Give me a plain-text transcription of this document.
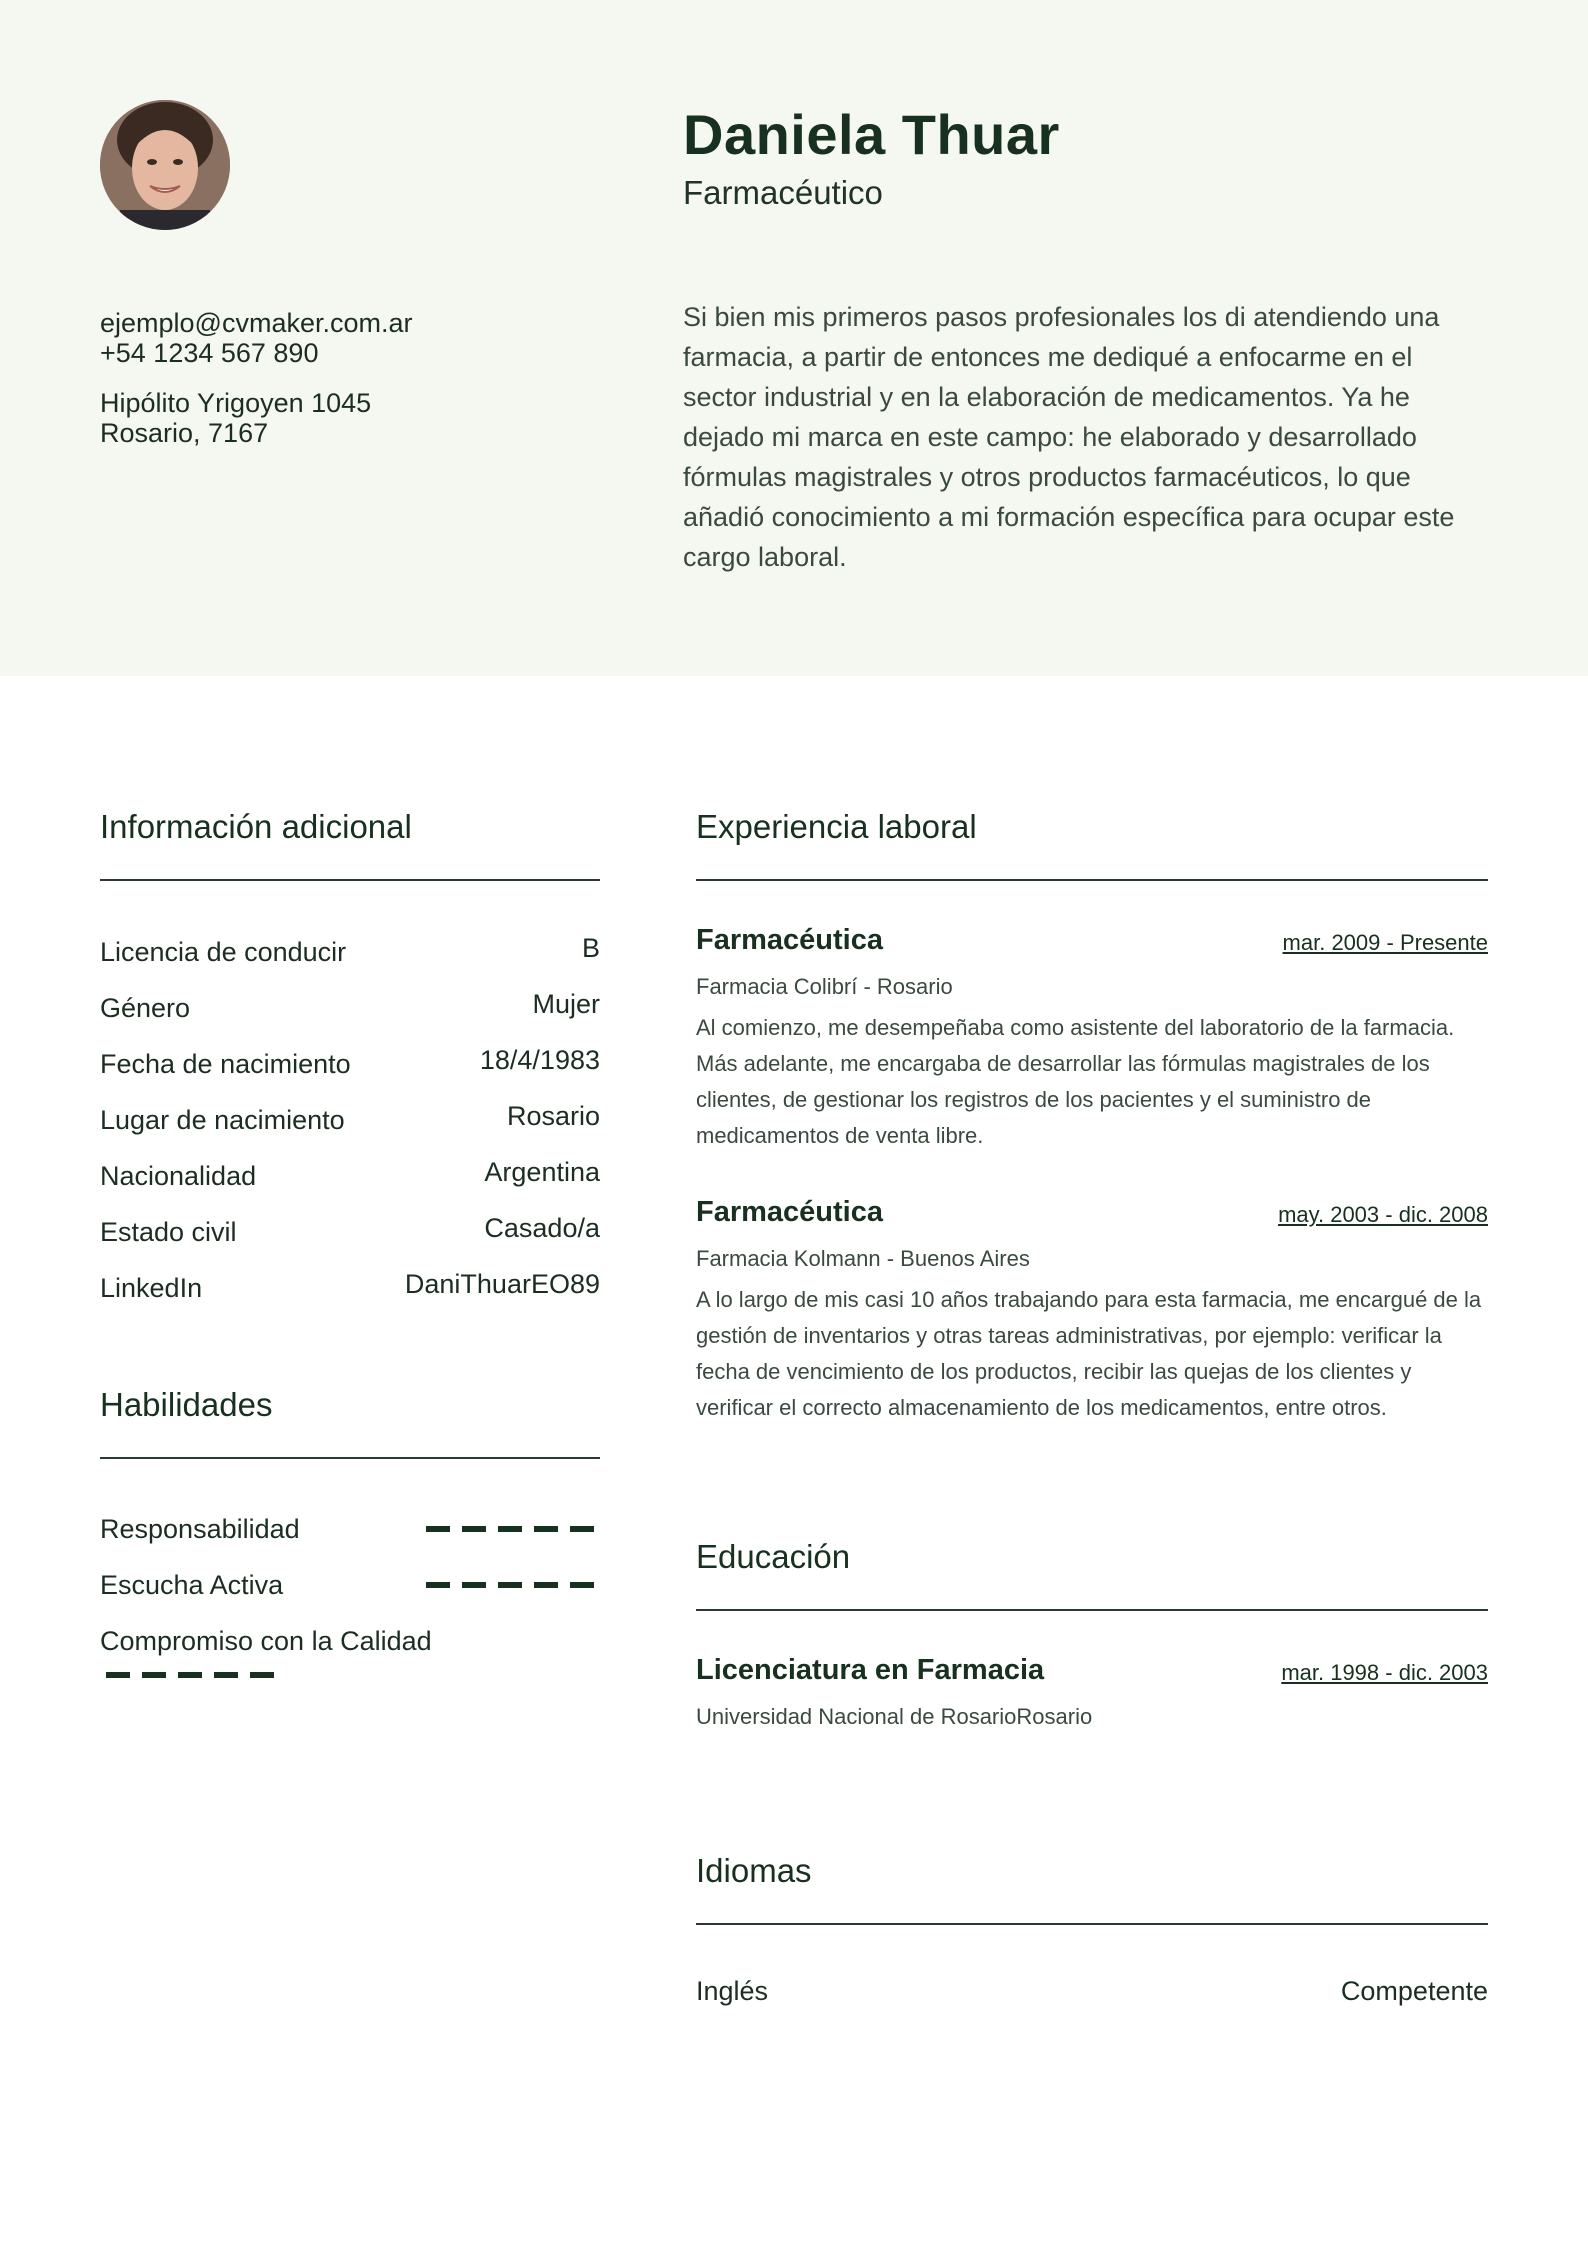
Daniela Thuar
Farmacéutico
ejemplo@cvmaker.com.ar
+54 1234 567 890
Hipólito Yrigoyen 1045
Rosario, 7167
Si bien mis primeros pasos profesionales los di atendiendo una farmacia, a partir de entonces me dediqué a enfocarme en el sector industrial y en la elaboración de medicamentos. Ya he dejado mi marca en este campo: he elaborado y desarrollado fórmulas magistrales y otros productos farmacéuticos, lo que añadió conocimiento a mi formación específica para ocupar este cargo laboral.
Información adicional
Licencia de conducir	B
Género	Mujer
Fecha de nacimiento	18/4/1983
Lugar de nacimiento	Rosario
Nacionalidad	Argentina
Estado civil	Casado/a
LinkedIn	DaniThuarEO89
Habilidades
Responsabilidad
Escucha Activa
Compromiso con la Calidad
Experiencia laboral
Farmacéutica	mar. 2009 - Presente
Farmacia Colibrí - Rosario
Al comienzo, me desempeñaba como asistente del laboratorio de la farmacia.
Más adelante, me encargaba de desarrollar las fórmulas magistrales de los
clientes, de gestionar los registros de los pacientes y el suministro de
medicamentos de venta libre.
Farmacéutica	may. 2003 - dic. 2008
Farmacia Kolmann - Buenos Aires
A lo largo de mis casi 10 años trabajando para esta farmacia, me encargué de la
gestión de inventarios y otras tareas administrativas, por ejemplo: verificar la
fecha de vencimiento de los productos, recibir las quejas de los clientes y
verificar el correcto almacenamiento de los medicamentos, entre otros.
Educación
Licenciatura en Farmacia	mar. 1998 - dic. 2003
Universidad Nacional de RosarioRosario
Idiomas
Inglés	Competente
